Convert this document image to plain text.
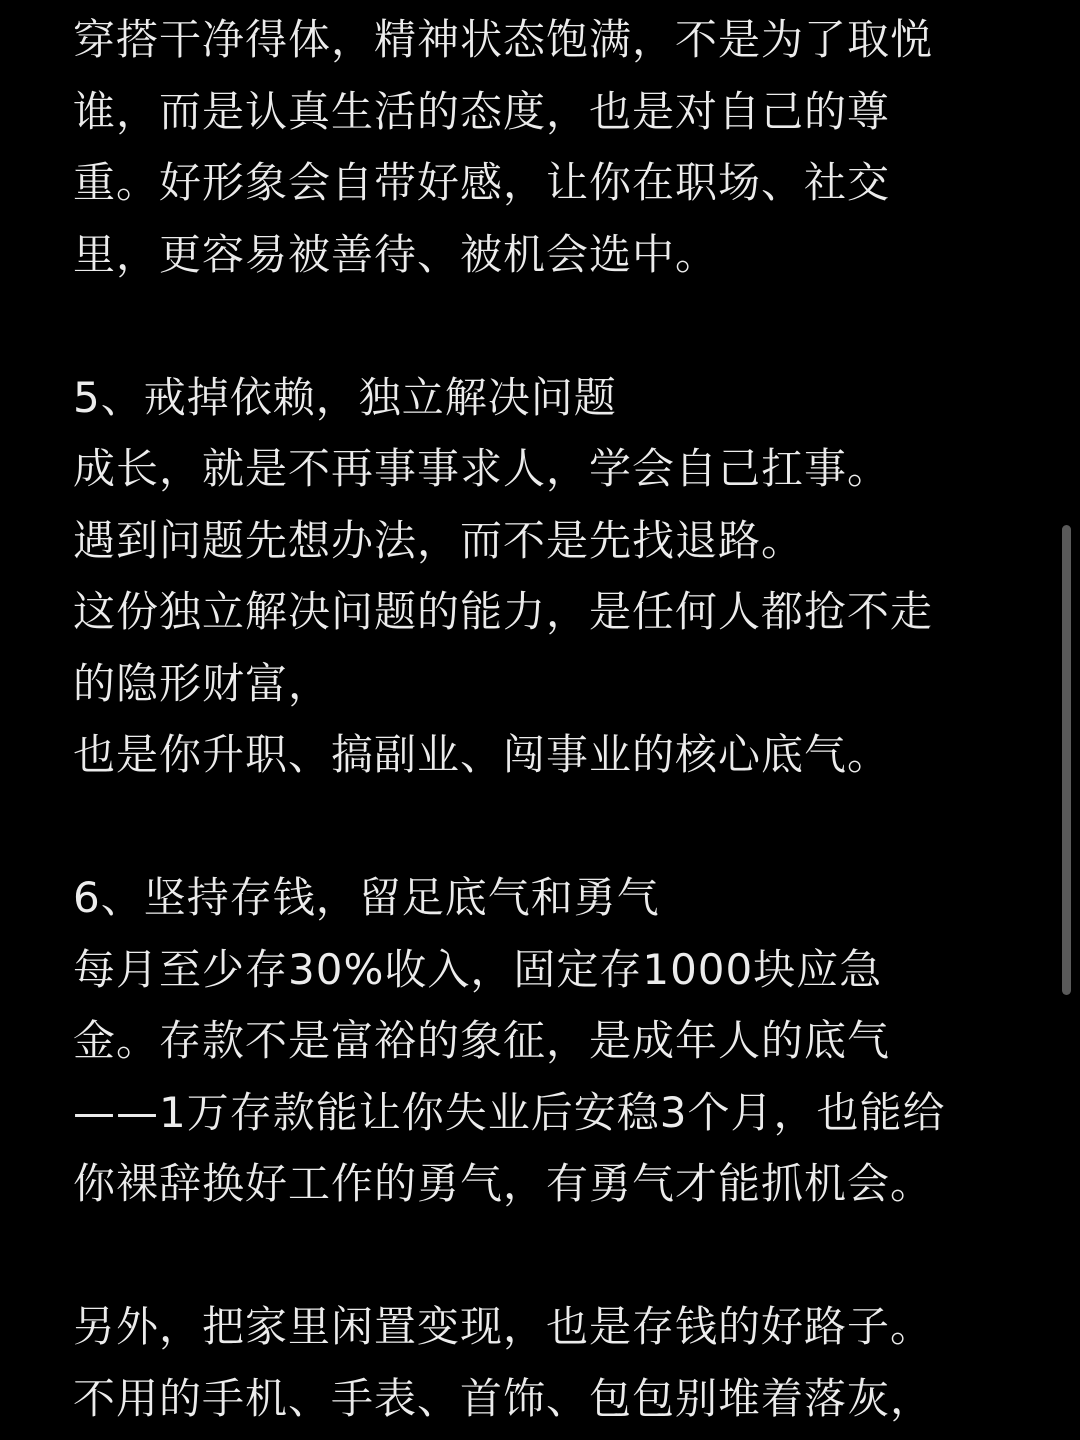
穿搭干净得体，精神状态饱满，不是为了取悦
谁，而是认真生活的态度，也是对自己的尊
重。好形象会自带好感，让你在职场、社交
里，更容易被善待、被机会选中。
5、戒掉依赖，独立解决问题
成长，就是不再事事求人，学会自己扛事。
遇到问题先想办法，而不是先找退路。
这份独立解决问题的能力，是任何人都抢不走
的隐形财富，
也是你升职、搞副业、闯事业的核心底气。
6、坚持存钱，留足底气和勇气
每月至少存30%收入，固定存1000块应急
金。存款不是富裕的象征，是成年人的底气
——1万存款能让你失业后安稳3个月，也能给
你裸辞换好工作的勇气，有勇气才能抓机会。
另外，把家里闲置变现，也是存钱的好路子。
不用的手机、手表、首饰、包包别堆着落灰，
